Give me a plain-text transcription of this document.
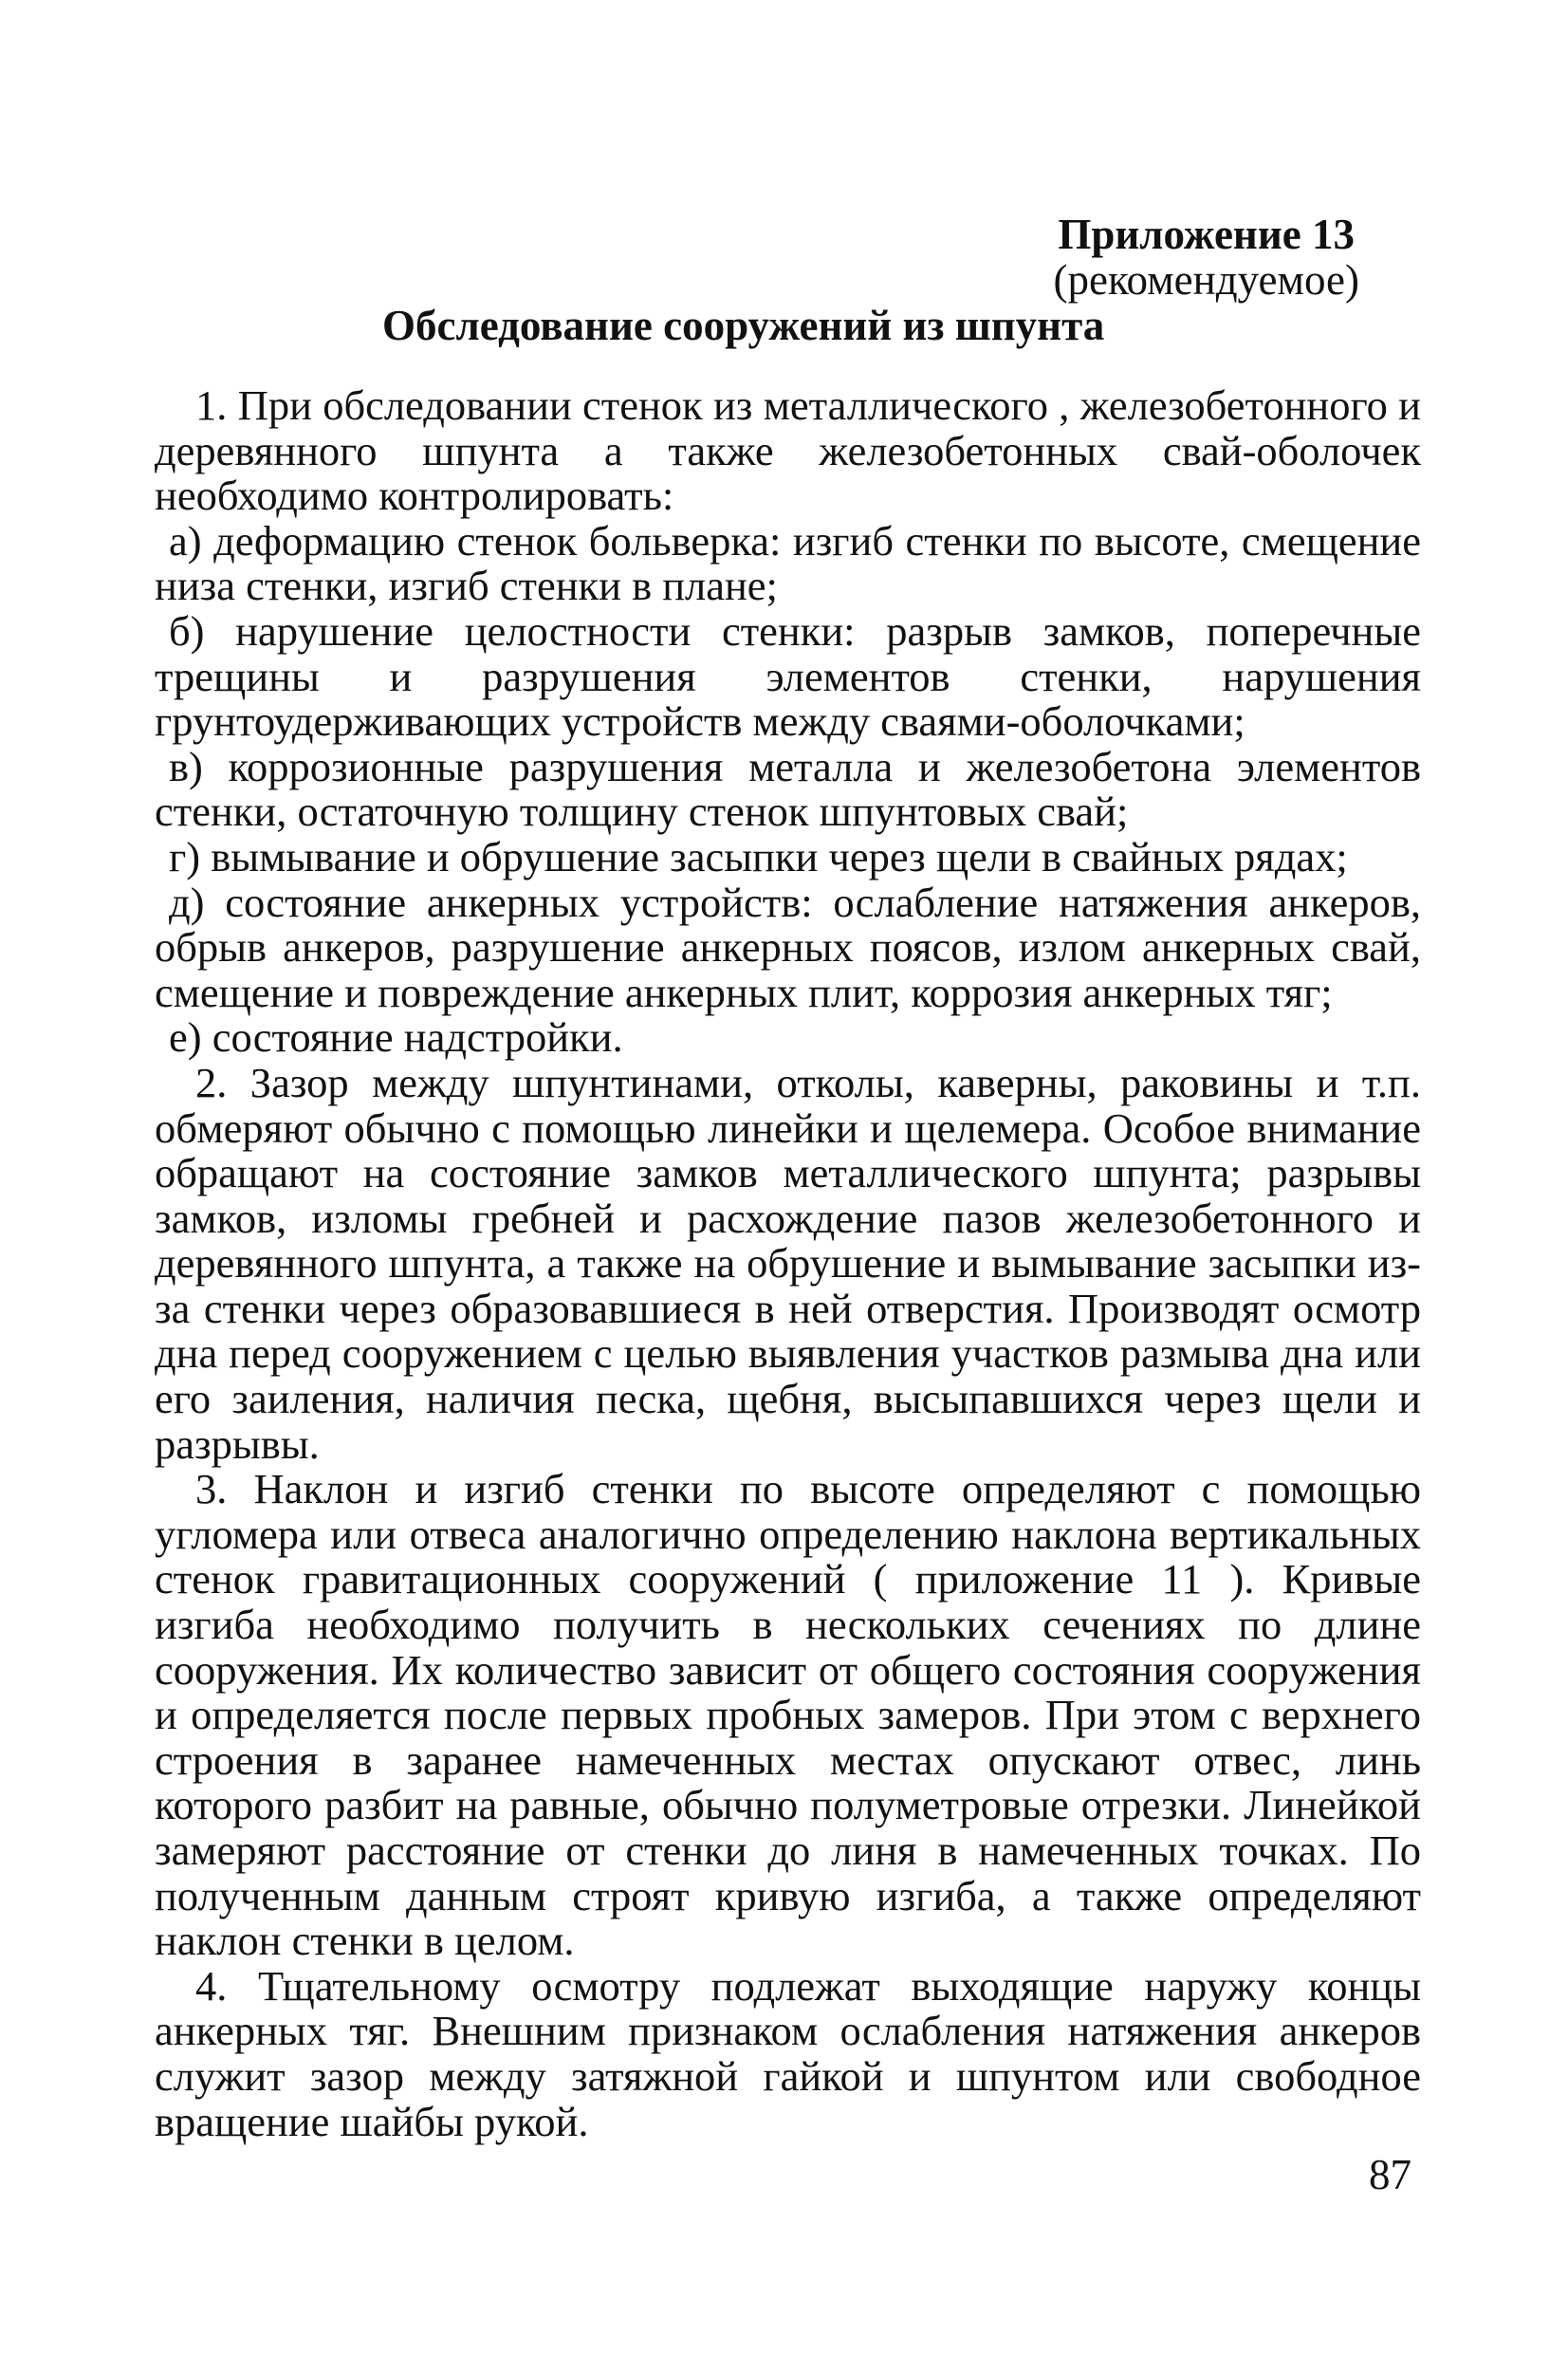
Приложение 13
(рекомендуемое)
Обследование сооружений из шпунта

1. При обследовании стенок из металлического , железобетонного и деревянного шпунта а также железобетонных свай-оболочек необходимо контролировать:

а) деформацию стенок больверка: изгиб стенки по высоте, смещение низа стенки, изгиб стенки в плане;

б) нарушение целостности стенки: разрыв замков, поперечные трещины и разрушения элементов стенки, нарушения грунтоудерживающих устройств между сваями-оболочками;

в) коррозионные разрушения металла и железобетона элементов стенки, остаточную толщину стенок шпунтовых свай;

г) вымывание и обрушение засыпки через щели в свайных рядах;

д) состояние анкерных устройств: ослабление натяжения анкеров, обрыв анкеров, разрушение анкерных поясов, излом анкерных свай, смещение и повреждение анкерных плит, коррозия анкерных тяг;

е) состояние надстройки.

2. Зазор между шпунтинами, отколы, каверны, раковины и т.п. обмеряют обычно с помощью линейки и щелемера. Особое внимание обращают на состояние замков металлического шпунта; разрывы замков, изломы гребней и расхождение пазов железобетонного и деревянного шпунта, а также на обрушение и вымывание засыпки из-за стенки через образовавшиеся в ней отверстия. Производят осмотр дна перед сооружением с целью выявления участков размыва дна или его заиления, наличия песка, щебня, высыпавшихся через щели и разрывы.

3. Наклон и изгиб стенки по высоте определяют с помощью угломера или отвеса аналогично определению наклона вертикальных стенок гравитационных сооружений ( приложение 11 ). Кривые изгиба необходимо получить в нескольких сечениях по длине сооружения. Их количество зависит от общего состояния сооружения и определяется после первых пробных замеров. При этом с верхнего строения в заранее намеченных местах опускают отвес, линь которого разбит на равные, обычно полуметровые отрезки. Линейкой замеряют расстояние от стенки до линя в намеченных точках. По полученным данным строят кривую изгиба, а также определяют наклон стенки в целом.

4. Тщательному осмотру подлежат выходящие наружу концы анкерных тяг. Внешним признаком ослабления натяжения анкеров служит зазор между затяжной гайкой и шпунтом или свободное вращение шайбы рукой.

87
